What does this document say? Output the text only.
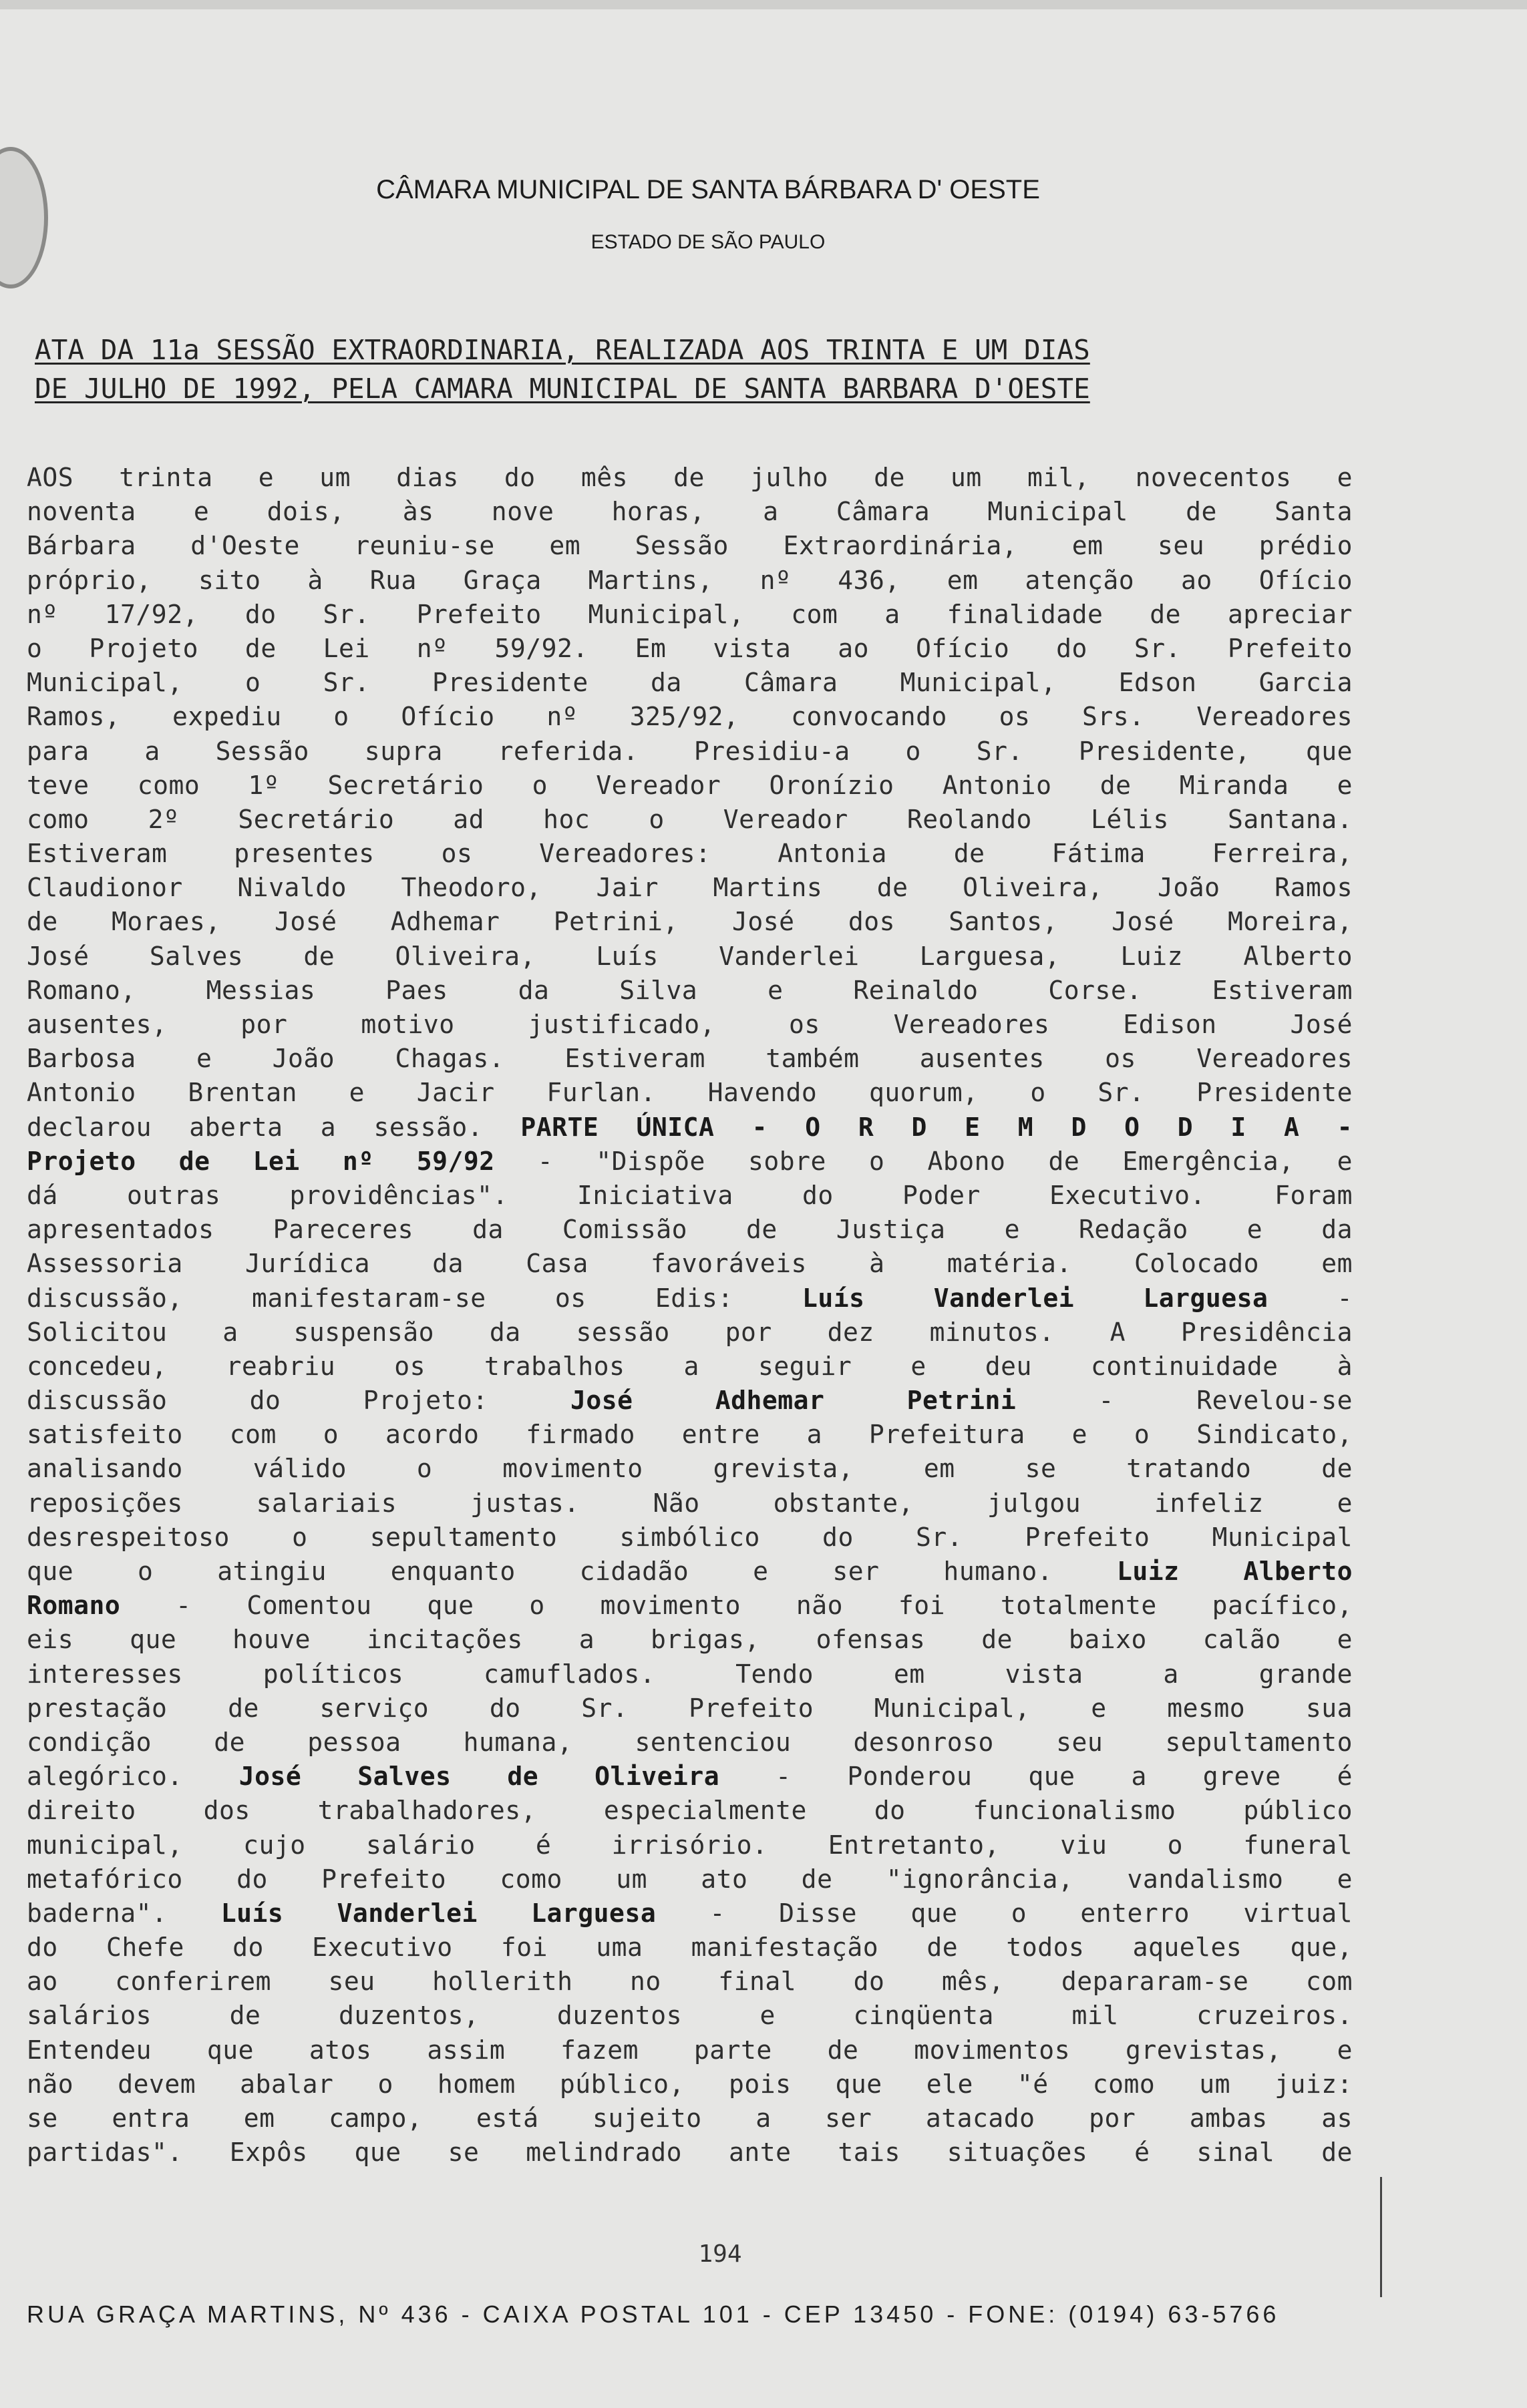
CÂMARA MUNICIPAL DE SANTA BÁRBARA D' OESTE
ESTADO DE SÃO PAULO
ATA DA 11a SESSÃO EXTRAORDINARIA, REALIZADA AOS TRINTA E UM DIAS
DE JULHO DE 1992, PELA CAMARA MUNICIPAL DE SANTA BARBARA D'OESTE
AOS trinta e um dias do mês de julho de um mil, novecentos e
noventa e dois, às nove horas, a Câmara Municipal de Santa
Bárbara d'Oeste reuniu-se em Sessão Extraordinária, em seu prédio
próprio, sito à Rua Graça Martins, nº 436, em atenção ao Ofício
nº 17/92, do Sr. Prefeito Municipal, com a finalidade de apreciar
o Projeto de Lei nº 59/92. Em vista ao Ofício do Sr. Prefeito
Municipal, o Sr. Presidente da Câmara Municipal, Edson Garcia
Ramos, expediu o Ofício nº 325/92, convocando os Srs. Vereadores
para a Sessão supra referida. Presidiu-a o Sr. Presidente, que
teve como 1º Secretário o Vereador Oronízio Antonio de Miranda e
como 2º Secretário ad hoc o Vereador Reolando Lélis Santana.
Estiveram presentes os Vereadores: Antonia de Fátima Ferreira,
Claudionor Nivaldo Theodoro, Jair Martins de Oliveira, João Ramos
de Moraes, José Adhemar Petrini, José dos Santos, José Moreira,
José Salves de Oliveira, Luís Vanderlei Larguesa, Luiz Alberto
Romano, Messias Paes da Silva e Reinaldo Corse. Estiveram
ausentes, por motivo justificado, os Vereadores Edison José
Barbosa e João Chagas. Estiveram também ausentes os Vereadores
Antonio Brentan e Jacir Furlan. Havendo quorum, o Sr. Presidente
declarou aberta a sessão. PARTE ÚNICA - O R D E M D O D I A -
Projeto de Lei nº 59/92 - "Dispõe sobre o Abono de Emergência, e
dá outras providências". Iniciativa do Poder Executivo. Foram
apresentados Pareceres da Comissão de Justiça e Redação e da
Assessoria Jurídica da Casa favoráveis à matéria. Colocado em
discussão, manifestaram-se os Edis: Luís Vanderlei Larguesa -
Solicitou a suspensão da sessão por dez minutos. A Presidência
concedeu, reabriu os trabalhos a seguir e deu continuidade à
discussão do Projeto: José Adhemar Petrini - Revelou-se
satisfeito com o acordo firmado entre a Prefeitura e o Sindicato,
analisando válido o movimento grevista, em se tratando de
reposições salariais justas. Não obstante, julgou infeliz e
desrespeitoso o sepultamento simbólico do Sr. Prefeito Municipal
que o atingiu enquanto cidadão e ser humano. Luiz Alberto
Romano - Comentou que o movimento não foi totalmente pacífico,
eis que houve incitações a brigas, ofensas de baixo calão e
interesses políticos camuflados. Tendo em vista a grande
prestação de serviço do Sr. Prefeito Municipal, e mesmo sua
condição de pessoa humana, sentenciou desonroso seu sepultamento
alegórico. José Salves de Oliveira - Ponderou que a greve é
direito dos trabalhadores, especialmente do funcionalismo público
municipal, cujo salário é irrisório. Entretanto, viu o funeral
metafórico do Prefeito como um ato de "ignorância, vandalismo e
baderna". Luís Vanderlei Larguesa - Disse que o enterro virtual
do Chefe do Executivo foi uma manifestação de todos aqueles que,
ao conferirem seu hollerith no final do mês, depararam-se com
salários de duzentos, duzentos e cinqüenta mil cruzeiros.
Entendeu que atos assim fazem parte de movimentos grevistas, e
não devem abalar o homem público, pois que ele "é como um juiz:
se entra em campo, está sujeito a ser atacado por ambas as
partidas". Expôs que se melindrado ante tais situações é sinal de
194
RUA GRAÇA MARTINS, Nº 436 - CAIXA POSTAL 101 - CEP 13450 - FONE: (0194) 63-5766
